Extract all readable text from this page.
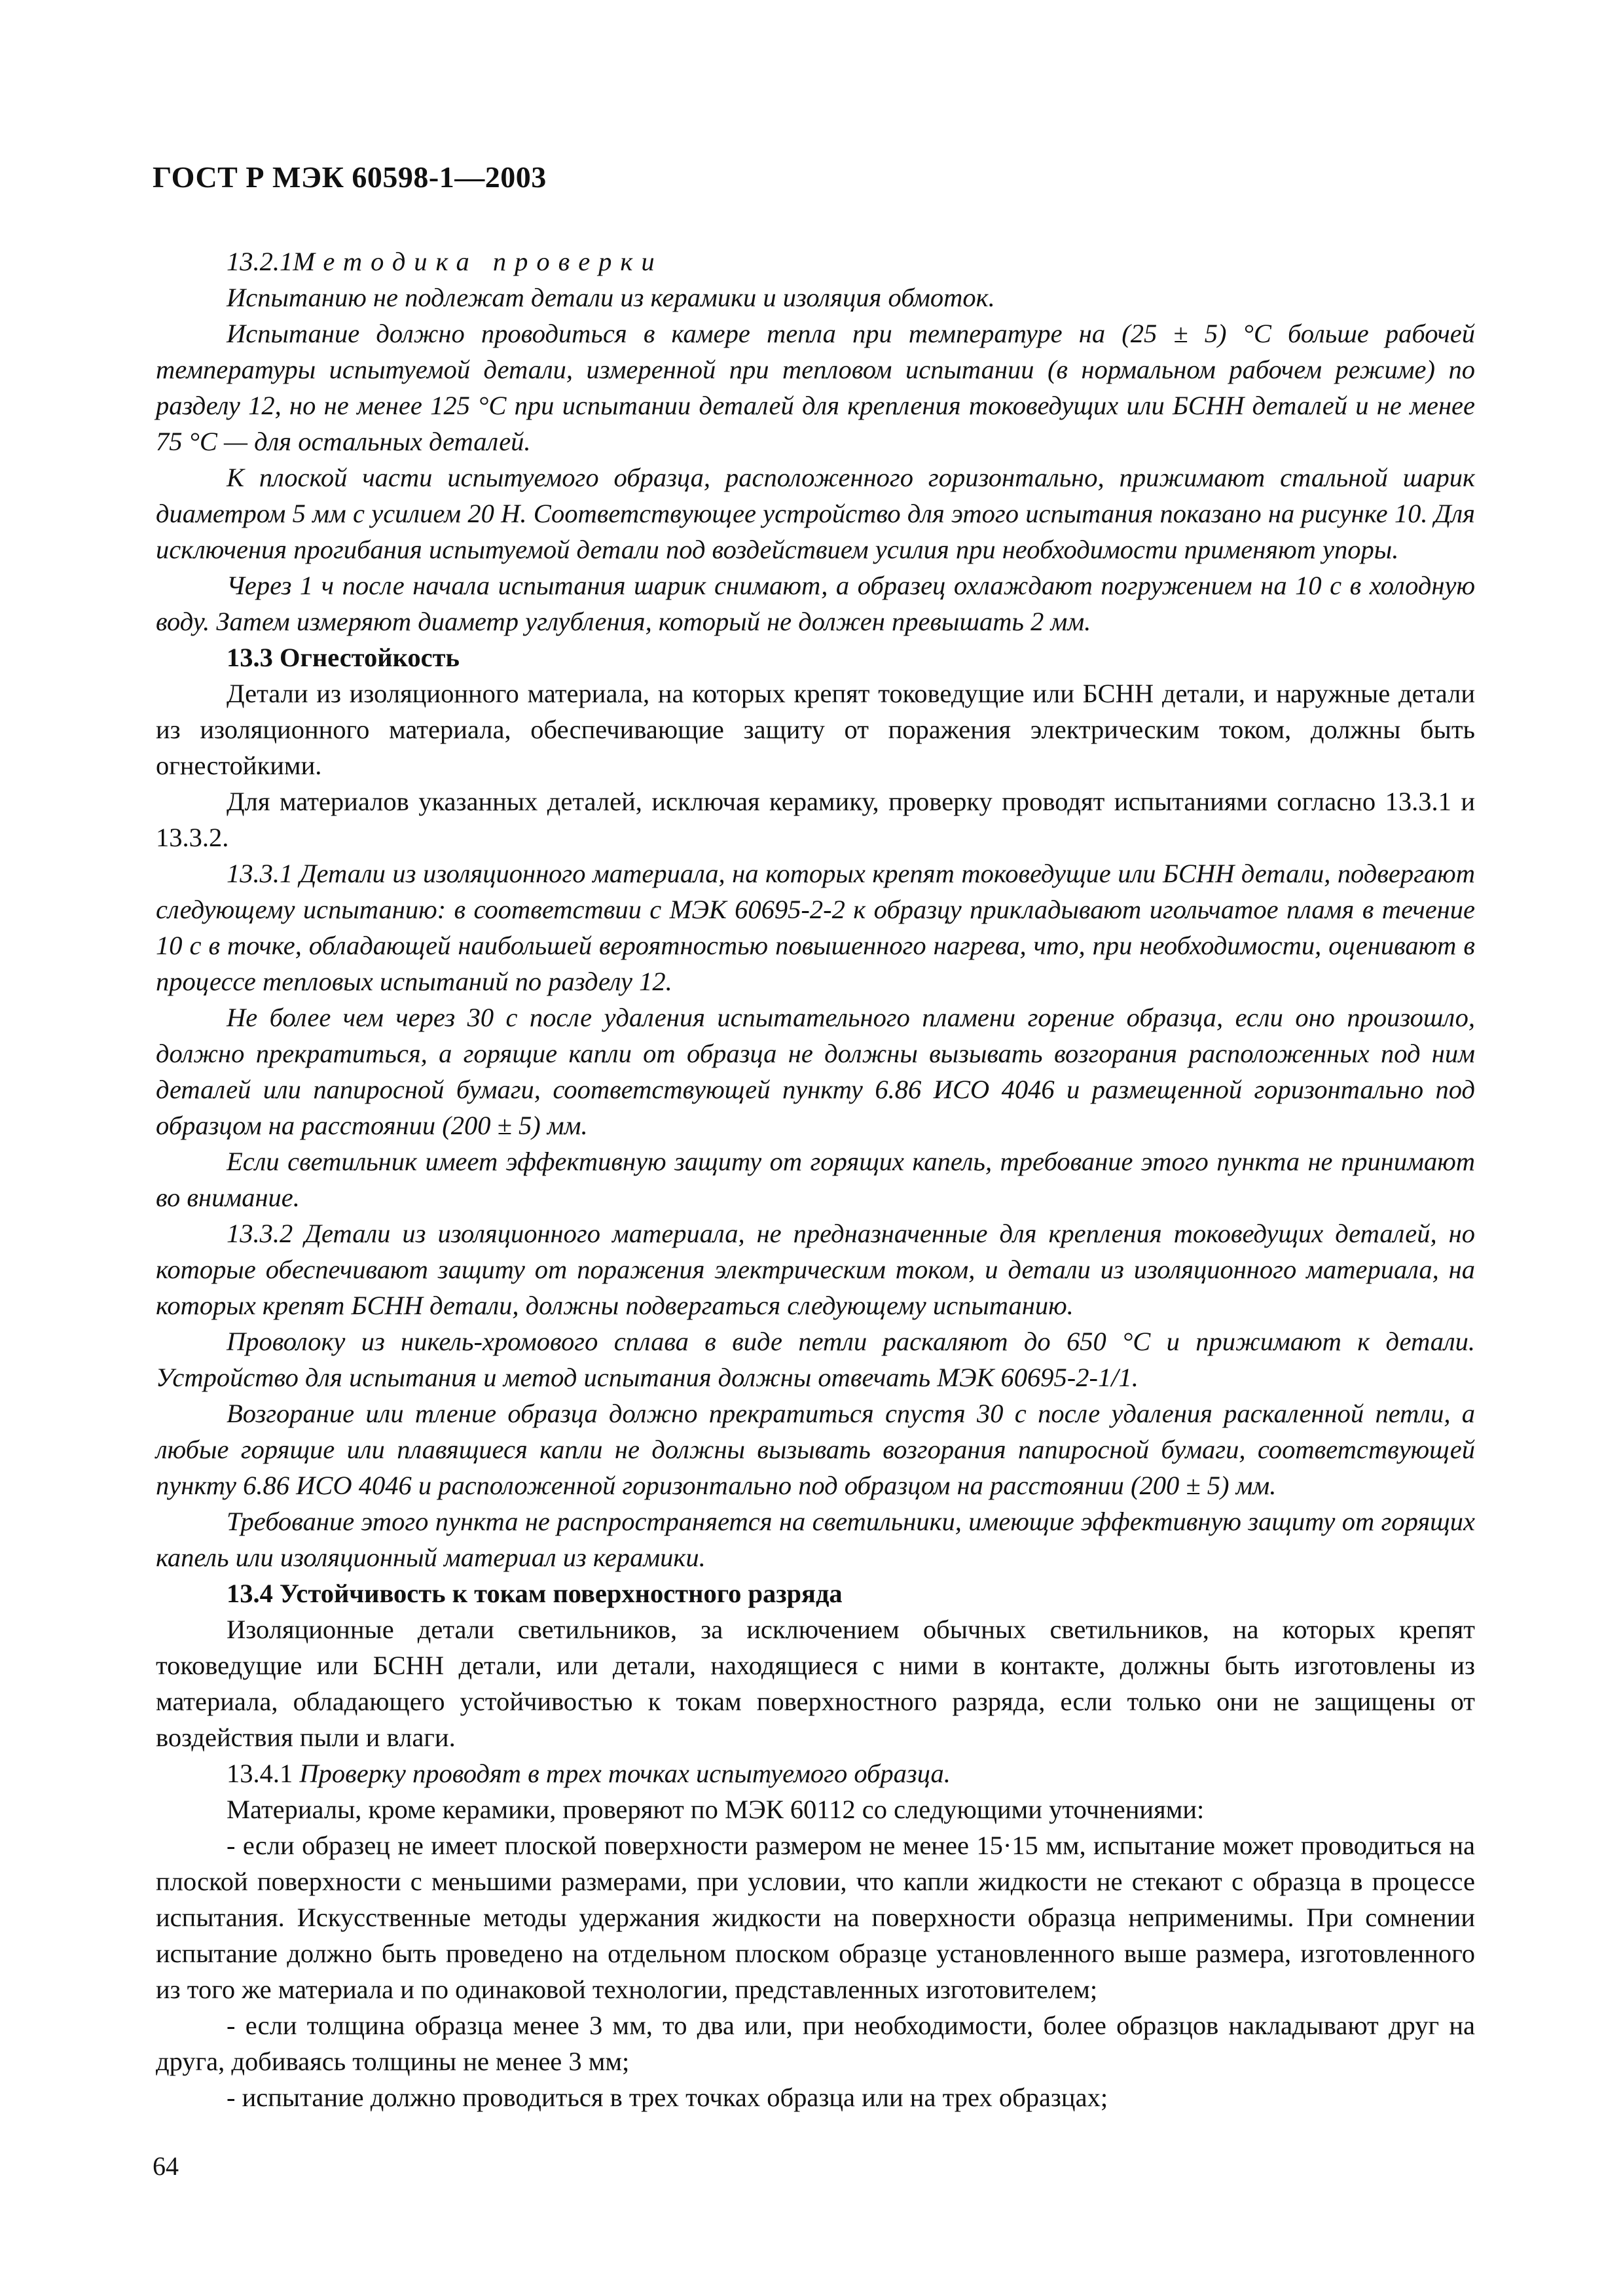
ГОСТ Р МЭК 60598-1—2003

13.2.1Методика проверки

Испытанию не подлежат детали из керамики и изоляция обмоток.

Испытание должно проводиться в камере тепла при температуре на (25 ± 5) °С больше рабочей температуры испытуемой детали, измеренной при тепловом испытании (в нормальном рабочем режиме) по разделу 12, но не менее 125 °С при испытании деталей для крепления токоведущих или БСНН деталей и не менее 75 °С — для остальных деталей.

К плоской части испытуемого образца, расположенного горизонтально, прижимают стальной шарик диаметром 5 мм с усилием 20 Н. Соответствующее устройство для этого испытания показано на рисунке 10. Для исключения прогибания испытуемой детали под воздействием усилия при необходимости применяют упоры.

Через 1 ч после начала испытания шарик снимают, а образец охлаждают погружением на 10 с в холодную воду. Затем измеряют диаметр углубления, который не должен превышать 2 мм.

13.3 Огнестойкость

Детали из изоляционного материала, на которых крепят токоведущие или БСНН детали, и наружные детали из изоляционного материала, обеспечивающие защиту от поражения электрическим током, должны быть огнестойкими.

Для материалов указанных деталей, исключая керамику, проверку проводят испытаниями согласно 13.3.1 и 13.3.2.

13.3.1 Детали из изоляционного материала, на которых крепят токоведущие или БСНН детали, подвергают следующему испытанию: в соответствии с МЭК 60695-2-2 к образцу прикладывают игольчатое пламя в течение 10 с в точке, обладающей наибольшей вероятностью повышенного нагрева, что, при необходимости, оценивают в процессе тепловых испытаний по разделу 12.

Не более чем через 30 с после удаления испытательного пламени горение образца, если оно произошло, должно прекратиться, а горящие капли от образца не должны вызывать возгорания расположенных под ним деталей или папиросной бумаги, соответствующей пункту 6.86 ИСО 4046 и размещенной горизонтально под образцом на расстоянии (200 ± 5) мм.

Если светильник имеет эффективную защиту от горящих капель, требование этого пункта не принимают во внимание.

13.3.2 Детали из изоляционного материала, не предназначенные для крепления токоведущих деталей, но которые обеспечивают защиту от поражения электрическим током, и детали из изоляционного материала, на которых крепят БСНН детали, должны подвергаться следующему испытанию.

Проволоку из никель-хромового сплава в виде петли раскаляют до 650 °С и прижимают к детали. Устройство для испытания и метод испытания должны отвечать МЭК 60695-2-1/1.

Возгорание или тление образца должно прекратиться спустя 30 с после удаления раскаленной петли, а любые горящие или плавящиеся капли не должны вызывать возгорания папиросной бумаги, соответствующей пункту 6.86 ИСО 4046 и расположенной горизонтально под образцом на расстоянии (200 ± 5) мм.

Требование этого пункта не распространяется на светильники, имеющие эффективную защиту от горящих капель или изоляционный материал из керамики.

13.4 Устойчивость к токам поверхностного разряда

Изоляционные детали светильников, за исключением обычных светильников, на которых крепят токоведущие или БСНН детали, или детали, находящиеся с ними в контакте, должны быть изготовлены из материала, обладающего устойчивостью к токам поверхностного разряда, если только они не защищены от воздействия пыли и влаги.

13.4.1 Проверку проводят в трех точках испытуемого образца.

Материалы, кроме керамики, проверяют по МЭК 60112 со следующими уточнениями:

- если образец не имеет плоской поверхности размером не менее 15·15 мм, испытание может проводиться на плоской поверхности с меньшими размерами, при условии, что капли жидкости не стекают с образца в процессе испытания. Искусственные методы удержания жидкости на поверхности образца неприменимы. При сомнении испытание должно быть проведено на отдельном плоском образце установленного выше размера, изготовленного из того же материала и по одинаковой технологии, представленных изготовителем;

- если толщина образца менее 3 мм, то два или, при необходимости, более образцов накладывают друг на друга, добиваясь толщины не менее 3 мм;

- испытание должно проводиться в трех точках образца или на трех образцах;

64
